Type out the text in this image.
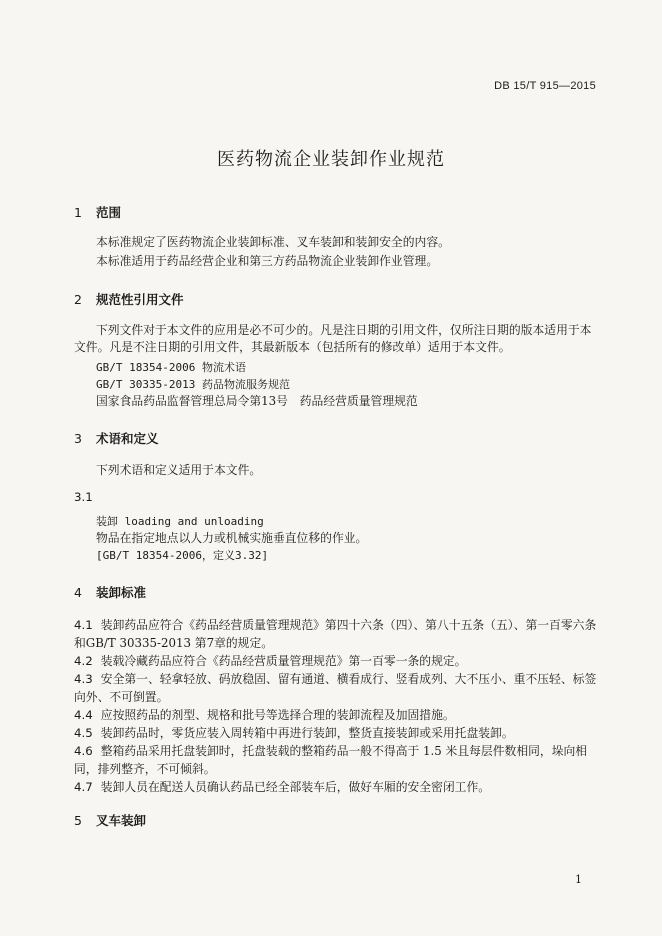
DB 15/T 915—2015
医药物流企业装卸作业规范
1 范围
本标准规定了医药物流企业装卸标准、叉车装卸和装卸安全的内容。
本标准适用于药品经营企业和第三方药品物流企业装卸作业管理。
2 规范性引用文件
下列文件对于本文件的应用是必不可少的。凡是注日期的引用文件，仅所注日期的版本适用于本文件。凡是不注日期的引用文件，其最新版本（包括所有的修改单）适用于本文件。
GB/T 18354-2006 物流术语
GB/T 30335-2013 药品物流服务规范
国家食品药品监督管理总局令第13号　药品经营质量管理规范
3 术语和定义
下列术语和定义适用于本文件。
3.1
装卸 loading and unloading
物品在指定地点以人力或机械实施垂直位移的作业。
[GB/T 18354-2006，定义3.32]
4 装卸标准
4.1 装卸药品应符合《药品经营质量管理规范》第四十六条（四）、第八十五条（五）、第一百零六条和GB/T 30335-2013 第7章的规定。
4.2 装载冷藏药品应符合《药品经营质量管理规范》第一百零一条的规定。
4.3 安全第一、轻拿轻放、码放稳固、留有通道、横看成行、竖看成列、大不压小、重不压轻、标签向外、不可倒置。
4.4 应按照药品的剂型、规格和批号等选择合理的装卸流程及加固措施。
4.5 装卸药品时，零货应装入周转箱中再进行装卸，整货直接装卸或采用托盘装卸。
4.6 整箱药品采用托盘装卸时，托盘装载的整箱药品一般不得高于 1.5 米且每层件数相同，垛向相同，排列整齐，不可倾斜。
4.7 装卸人员在配送人员确认药品已经全部装车后，做好车厢的安全密闭工作。
5 叉车装卸
1
